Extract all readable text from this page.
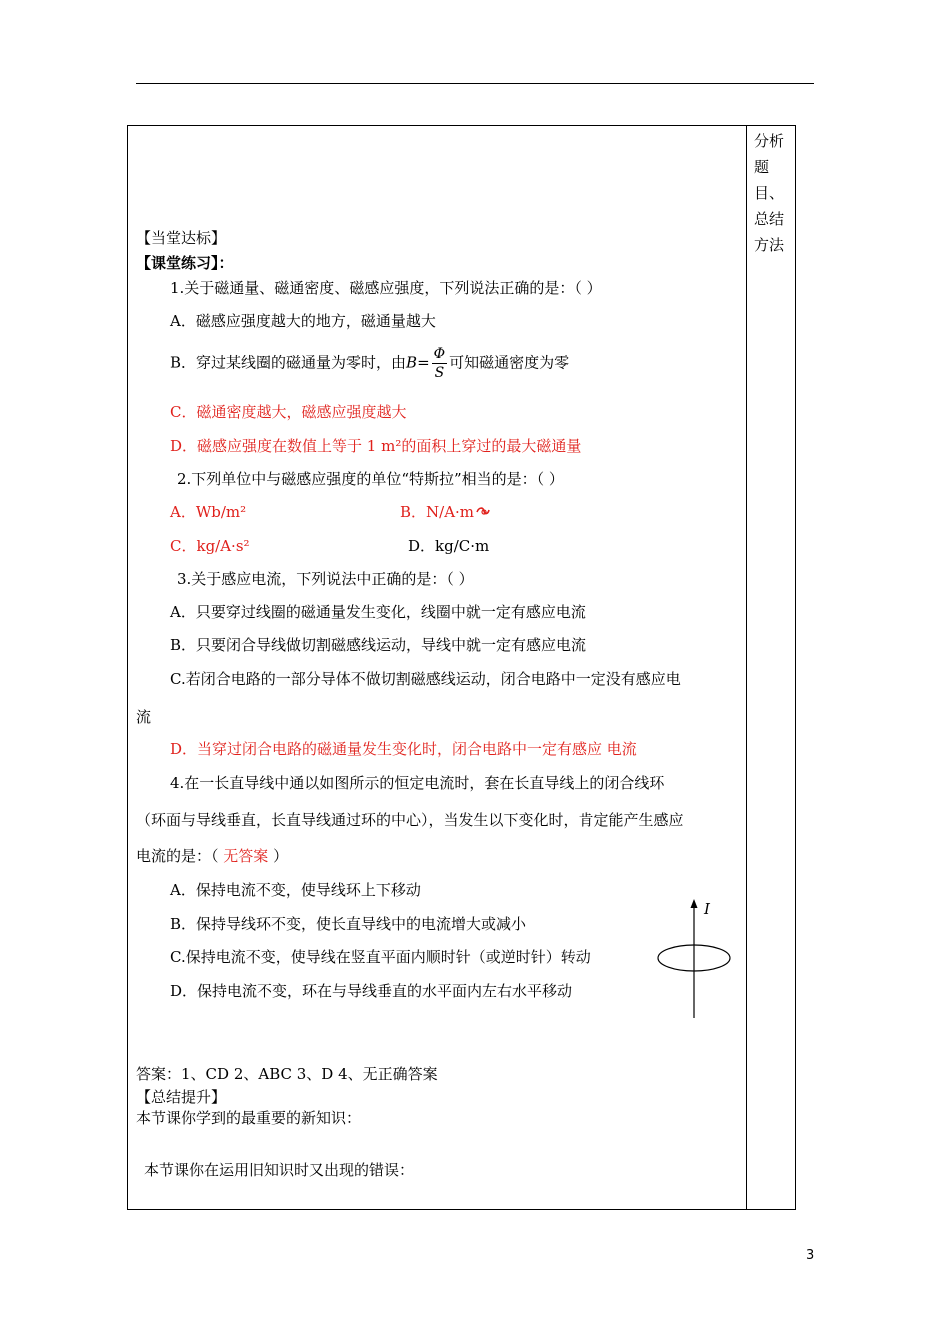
分析
题
目、
总结
方法
【当堂达标】
【课堂练习】：
1.关于磁通量、磁通密度、磁感应强度，下列说法正确的是：（ ）
A．磁感应强度越大的地方，磁通量越大
B．穿过某线圈的磁通量为零时，由$B= \frac{\Phi}{S}$ 可知磁通密度为零
C．磁通密度越大，磁感应强度越大
D．磁感应强度在数值上等于 1 m²的面积上穿过的最大磁通量
2.下列单位中与磁感应强度的单位“特斯拉”相当的是：（ ）
A．Wb/m²	B．N/A·m
C．kg/A·s²	D．kg/C·m
3.关于感应电流，下列说法中正确的是：（ ）
A．只要穿过线圈的磁通量发生变化，线圈中就一定有感应电流
B．只要闭合导线做切割磁感线运动，导线中就一定有感应电流
C.若闭合电路的一部分导体不做切割磁感线运动，闭合电路中一定没有感应电
流
D．当穿过闭合电路的磁通量发生变化时，闭合电路中一定有感应 电流
4.在一长直导线中通以如图所示的恒定电流时，套在长直导线上的闭合线环
（环面与导线垂直，长直导线通过环的中心），当发生以下变化时，肯定能产生感应
电流的是：（ 无答案 ）
A．保持电流不变，使导线环上下移动
B．保持导线环不变，使长直导线中的电流增大或减小
C.保持电流不变，使导线在竖直平面内顺时针（或逆时针）转动
D．保持电流不变，环在与导线垂直的水平面内左右水平移动
I
答案：1、CD 2、ABC 3、D 4、无正确答案
【总结提升】
本节课你学到的最重要的新知识：
本节课你在运用旧知识时又出现的错误：
3
